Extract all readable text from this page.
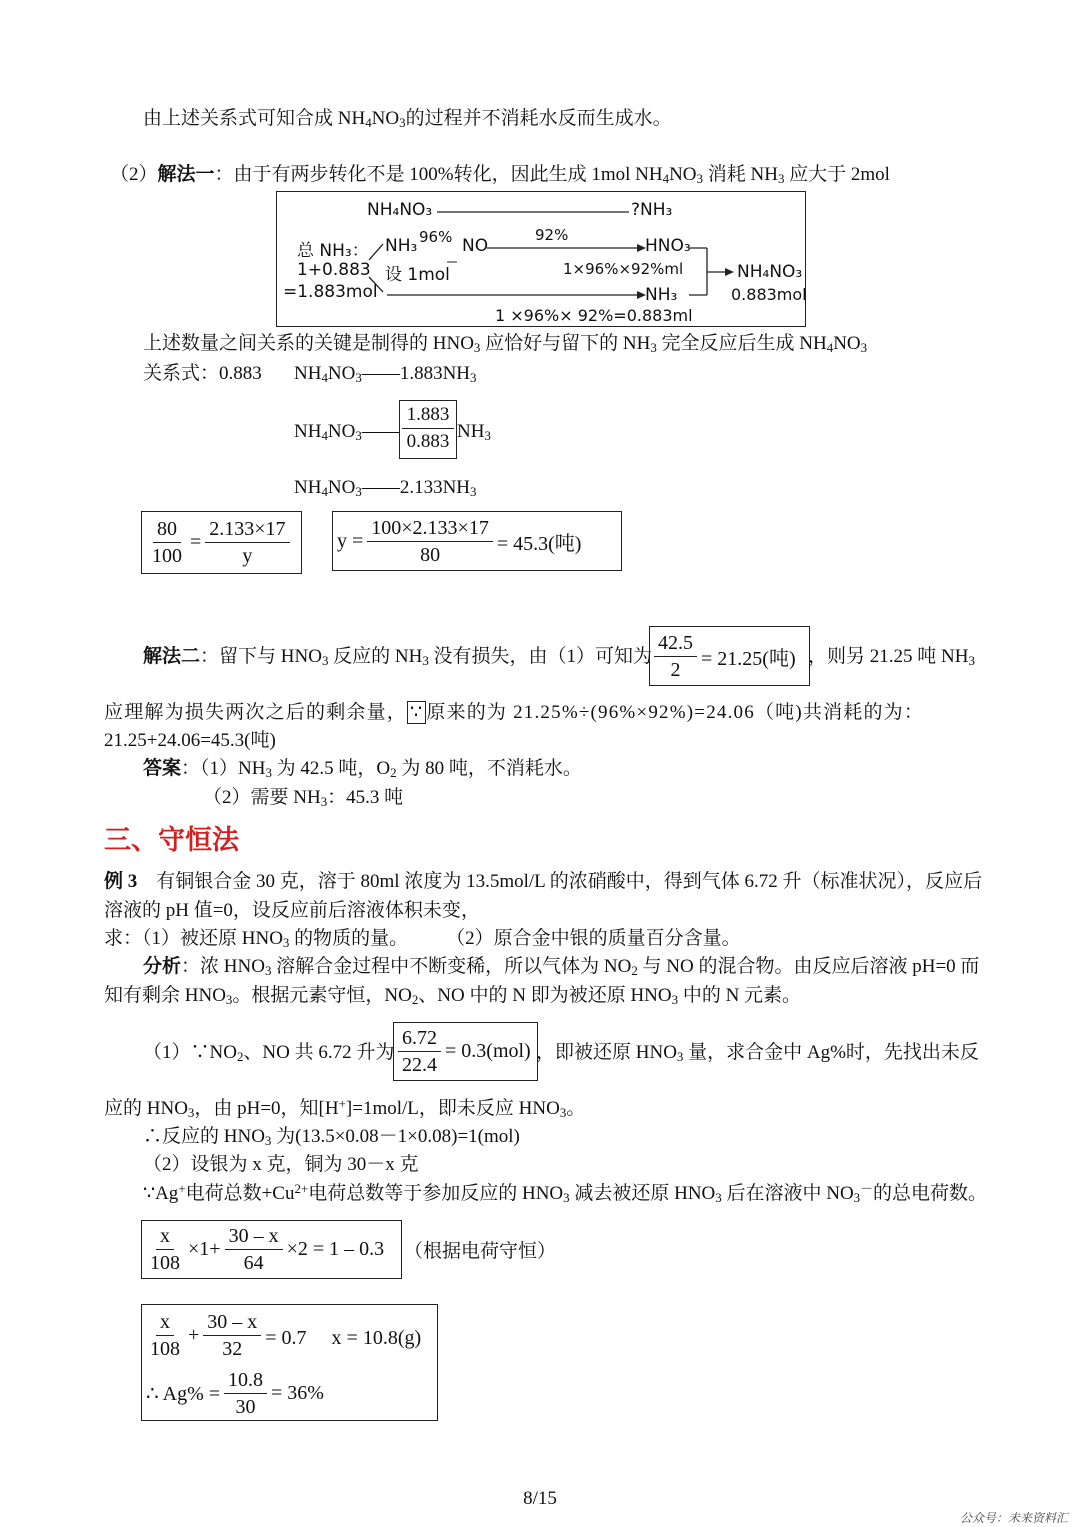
由上述关系式可知合成 $NH_4NO_3$的过程并不消耗水反而生成水。
（2）解法一：由于有两步转化不是 100%转化，因此生成 1mol $NH_4NO_3$ 消耗 $NH_3$ 应大于 2mol
NH₄NO₃	?NH₃
总 NH₃： NH₃ 96% NO
92%
HNO₃
1+0.883 设 1mol	1×96%×92%ml	NH₄NO₃
=1.883mol	NH₃	0.883mol
1 ×96%× 92%=0.883ml
上述数量之间关系的关键是制得的 $HNO_3$ 应恰好与留下的 $NH_3$ 完全反应后生成 $NH_4NO_3$
关系式：0.883 $NH_4NO_3——1.883NH_3$
$NH_4NO_3—— \frac{1.883}{0.883} NH_3$
$NH_4NO_3——2.133NH_3$
$\frac{80}{100} = \frac{2.133\times 17}{y}$ $y = \frac{100\times 2.133\times 17}{80} = 45.3$(吨)
解法二：留下与 $HNO_3$ 反应的 $NH_3$ 没有损失，由（1）可知为 $\frac{42.5}{2} = 21.25$(吨) ，则另 21.25 吨 $NH_3$
应理解为损失两次之后的剩余量， ∵ 原来的为 21.25%÷(96%×92%)=24.06（吨)共消耗的为：
21.25+24.06=45.3(吨)
答案：$(1)NH_3$ 为 42.5 吨，$O_2$ 为 80 吨，不消耗水。
（2）需要 $NH_3$：45.3 吨
三、守恒法
例 3　有铜银合金 30 克，溶于 80ml 浓度为 13.5mol/L 的浓硝酸中，得到气体 6.72 升（标准状况），反应后
溶液的 pH 值=0，设反应前后溶液体积未变，
求：（1）被还原 $HNO_3$ 的物质的量。　　　（2）原合金中银的质量百分含量。
分析：浓 $HNO_3$ 溶解合金过程中不断变稀，所以气体为 $NO_2$ 与 NO 的混合物。由反应后溶液 pH=0 而
知有剩余 $HNO_3$。根据元素守恒，$NO_2$、NO 中的 N 即为被还原 $HNO_3$ 中的 N 元素。
$(1)\because NO_2$、NO 共 6.72 升为 $\frac{6.72}{22.4} = 0.3(mol)$ ，即被还原 $HNO_3$ 量，求合金中 Ag%时，先找出未反
应的 $HNO_3$，由 pH=0，知[H+]=1mol/L，即未反应 $HNO_3$。
∴反应的 $HNO_3$ 为(13.5×0.08－1×0.08)=1(mol)
（2）设银为 x 克，铜为 30－x 克
∵Ag+电荷总数$+Cu^{2+}$电荷总数等于参加反应的 $HNO_3$ 减去被还原 $HNO_3$ 后在溶液中 $NO_3^-$的总电荷数。
$\frac{x}{108} \times 1+ \frac{30 - x}{64} \times 2 = 1 - 0.3$ （根据电荷守恒）
$\frac{x}{108} + \frac{30 - x}{32} = 0.7$　 x = 10.8(g)
∴ $Ag\% = \frac{10.8}{30} = 36\%$
8/15
公众号：未来资料汇
